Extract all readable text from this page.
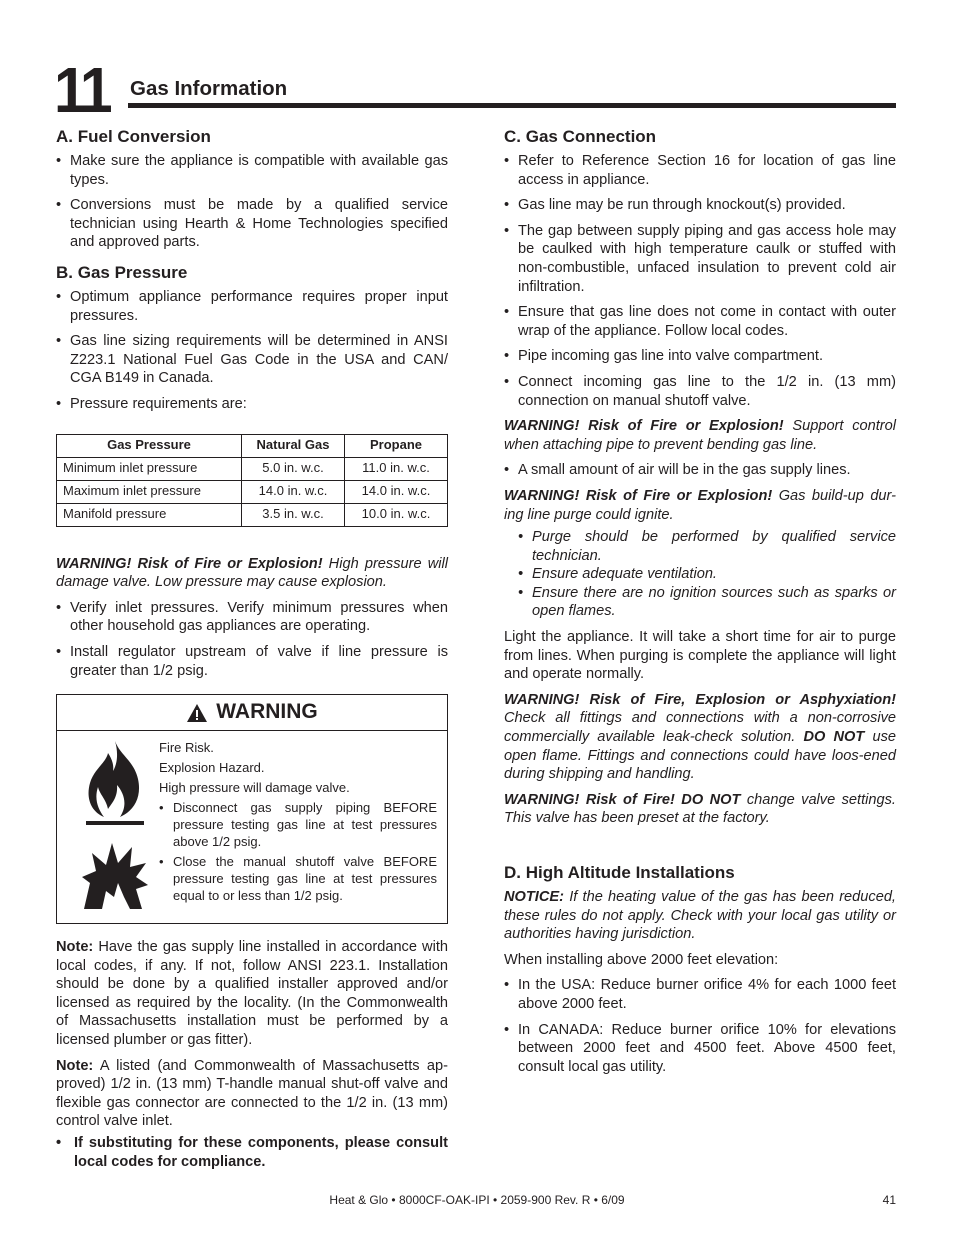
11 Gas Information
A. Fuel Conversion
• Make sure the appliance is compatible with available gas types.
• Conversions must be made by a qualified service technician using Hearth & Home Technologies specified and approved parts.
B. Gas Pressure
• Optimum appliance performance requires proper input pressures.
• Gas line sizing requirements will be determined in ANSI Z223.1 National Fuel Gas Code in the USA and CAN/ CGA B149 in Canada.
• Pressure requirements are:
Gas Pressure	Natural Gas	Propane
Minimum inlet pressure	5.0 in. w.c.	11.0 in. w.c.
Maximum inlet pressure	14.0 in. w.c.	14.0 in. w.c.
Manifold pressure	3.5 in. w.c.	10.0 in. w.c.

WARNING! Risk of Fire or Explosion! High pressure will damage valve. Low pressure may cause explosion.

• Verify inlet pressures. Verify minimum pressures when other household gas appliances are operating.
• Install regulator upstream of valve if line pressure is greater than 1/2 psig.
WARNING

Fire Risk.

Explosion Hazard.

High pressure will damage valve.

• Disconnect gas supply piping BEFORE pressure testing gas line at test pressures above 1/2 psig.
• Close the manual shutoff valve BEFORE pressure testing gas line at test pressures equal to or less than 1/2 psig.

Note: Have the gas supply line installed in accordance with local codes, if any. If not, follow ANSI 223.1. Installation should be done by a qualified installer approved and/or licensed as required by the locality. (In the Commonwealth of Massachusetts installation must be performed by a licensed plumber or gas fitter).

Note: A listed (and Commonwealth of Massachusetts ap-proved) 1/2 in. (13 mm) T-handle manual shut-off valve and flexible gas connector are connected to the 1/2 in. (13 mm) control valve inlet.

• If substituting for these components, please consult local codes for compliance.
C. Gas Connection
• Refer to Reference Section 16 for location of gas line access in appliance.
• Gas line may be run through knockout(s) provided.
• The gap between supply piping and gas access hole may be caulked with high temperature caulk or stuffed with non-combustible, unfaced insulation to prevent cold air infiltration.
• Ensure that gas line does not come in contact with outer wrap of the appliance. Follow local codes.
• Pipe incoming gas line into valve compartment.
• Connect incoming gas line to the 1/2 in. (13 mm) connection on manual shutoff valve.

WARNING! Risk of Fire or Explosion! Support control when attaching pipe to prevent bending gas line.

• A small amount of air will be in the gas supply lines.

WARNING! Risk of Fire or Explosion! Gas build-up dur-ing line purge could ignite.

• Purge should be performed by qualified service technician.
• Ensure adequate ventilation.
• Ensure there are no ignition sources such as sparks or open flames.

Light the appliance. It will take a short time for air to purge from lines. When purging is complete the appliance will light and operate normally.

WARNING! Risk of Fire, Explosion or Asphyxiation! Check all fittings and connections with a non-corrosive commercially available leak-check solution. DO NOT use open flame. Fittings and connections could have loos-ened during shipping and handling.

WARNING! Risk of Fire! DO NOT change valve settings. This valve has been preset at the factory.

D. High Altitude Installations

NOTICE: If the heating value of the gas has been reduced, these rules do not apply. Check with your local gas utility or authorities having jurisdiction.

When installing above 2000 feet elevation:

• In the USA: Reduce burner orifice 4% for each 1000 feet above 2000 feet.
• In CANADA: Reduce burner orifice 10% for elevations between 2000 feet and 4500 feet. Above 4500 feet, consult local gas utility.
Heat & Glo • 8000CF-OAK-IPI • 2059-900 Rev. R • 6/09	41
